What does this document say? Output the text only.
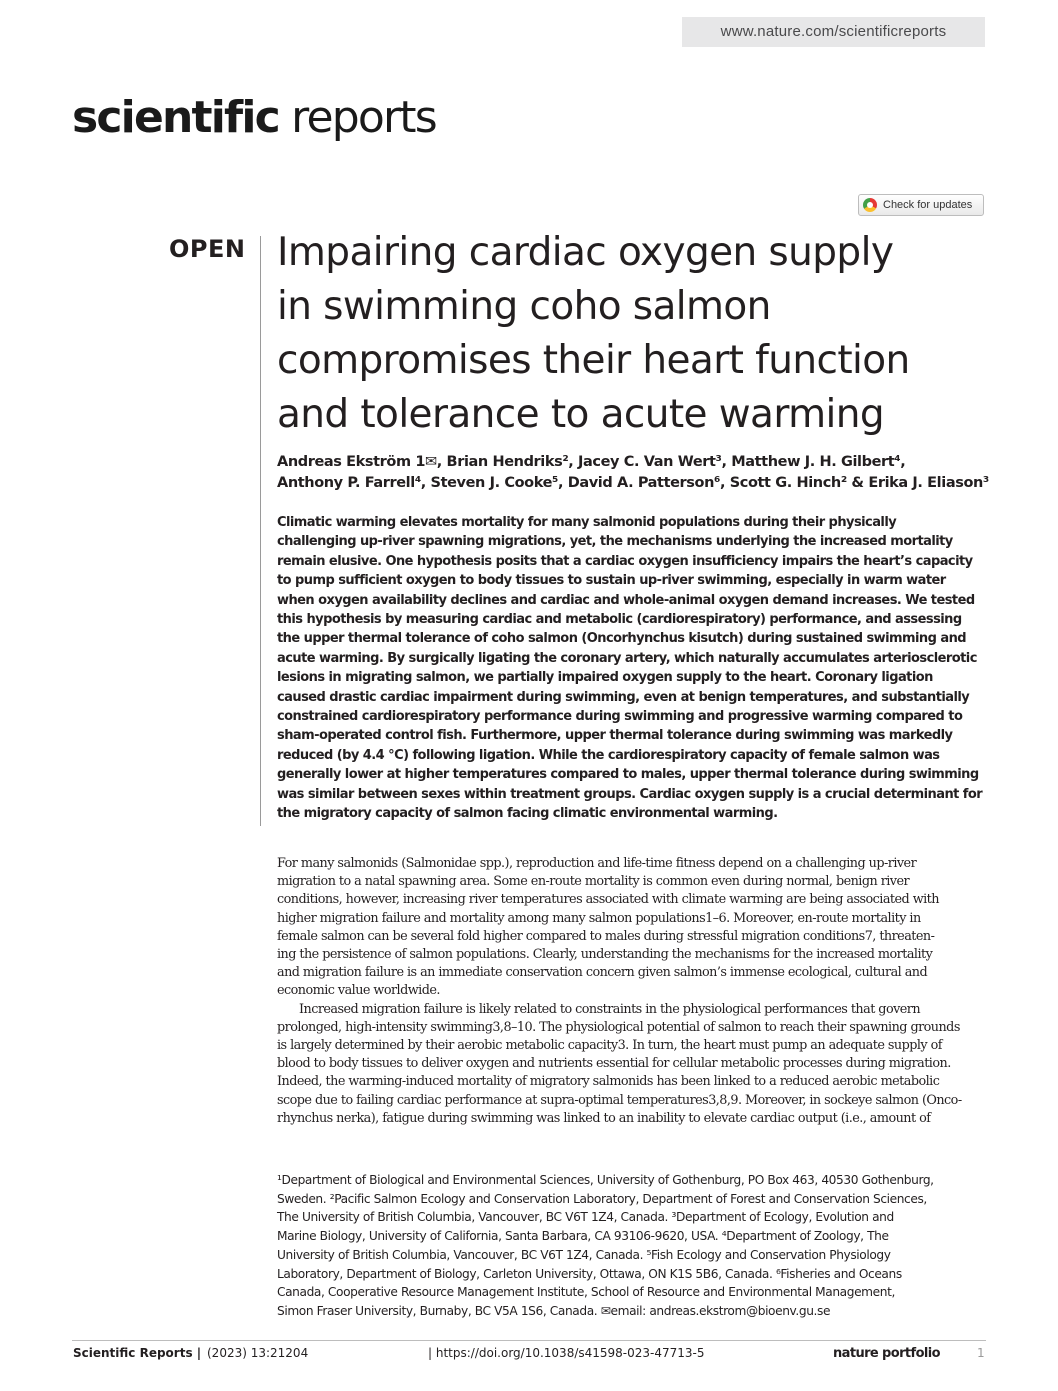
www.nature.com/scientificreports
scientific reports
Check for updates
OPEN Impairing cardiac oxygen supply
in swimming coho salmon
compromises their heart function
and tolerance to acute warming

Andreas Ekström 1✉, Brian Hendriks², Jacey C. Van Wert³, Matthew J. H. Gilbert⁴,
Anthony P. Farrell⁴, Steven J. Cooke⁵, David A. Patterson⁶, Scott G. Hinch² & Erika J. Eliason³

Climatic warming elevates mortality for many salmonid populations during their physically
challenging up-river spawning migrations, yet, the mechanisms underlying the increased mortality
remain elusive. One hypothesis posits that a cardiac oxygen insufficiency impairs the heart’s capacity
to pump sufficient oxygen to body tissues to sustain up-river swimming, especially in warm water
when oxygen availability declines and cardiac and whole-animal oxygen demand increases. We tested
this hypothesis by measuring cardiac and metabolic (cardiorespiratory) performance, and assessing
the upper thermal tolerance of coho salmon (Oncorhynchus kisutch) during sustained swimming and
acute warming. By surgically ligating the coronary artery, which naturally accumulates arteriosclerotic
lesions in migrating salmon, we partially impaired oxygen supply to the heart. Coronary ligation
caused drastic cardiac impairment during swimming, even at benign temperatures, and substantially
constrained cardiorespiratory performance during swimming and progressive warming compared to
sham-operated control fish. Furthermore, upper thermal tolerance during swimming was markedly
reduced (by 4.4 °C) following ligation. While the cardiorespiratory capacity of female salmon was
generally lower at higher temperatures compared to males, upper thermal tolerance during swimming
was similar between sexes within treatment groups. Cardiac oxygen supply is a crucial determinant for
the migratory capacity of salmon facing climatic environmental warming.
For many salmonids (Salmonidae spp.), reproduction and life-time fitness depend on a challenging up-river
migration to a natal spawning area. Some en-route mortality is common even during normal, benign river
conditions, however, increasing river temperatures associated with climate warming are being associated with
higher migration failure and mortality among many salmon populations1–6. Moreover, en-route mortality in
female salmon can be several fold higher compared to males during stressful migration conditions7, threaten-
ing the persistence of salmon populations. Clearly, understanding the mechanisms for the increased mortality
and migration failure is an immediate conservation concern given salmon’s immense ecological, cultural and
economic value worldwide.
Increased migration failure is likely related to constraints in the physiological performances that govern
prolonged, high-intensity swimming3,8–10. The physiological potential of salmon to reach their spawning grounds
is largely determined by their aerobic metabolic capacity3. In turn, the heart must pump an adequate supply of
blood to body tissues to deliver oxygen and nutrients essential for cellular metabolic processes during migration.
Indeed, the warming-induced mortality of migratory salmonids has been linked to a reduced aerobic metabolic
scope due to failing cardiac performance at supra-optimal temperatures3,8,9. Moreover, in sockeye salmon (Onco-
rhynchus nerka), fatigue during swimming was linked to an inability to elevate cardiac output (i.e., amount of
¹Department of Biological and Environmental Sciences, University of Gothenburg, PO Box 463, 40530 Gothenburg,
Sweden. ²Pacific Salmon Ecology and Conservation Laboratory, Department of Forest and Conservation Sciences,
The University of British Columbia, Vancouver, BC V6T 1Z4, Canada. ³Department of Ecology, Evolution and
Marine Biology, University of California, Santa Barbara, CA 93106-9620, USA. ⁴Department of Zoology, The
University of British Columbia, Vancouver, BC V6T 1Z4, Canada. ⁵Fish Ecology and Conservation Physiology
Laboratory, Department of Biology, Carleton University, Ottawa, ON K1S 5B6, Canada. ⁶Fisheries and Oceans
Canada, Cooperative Resource Management Institute, School of Resource and Environmental Management,
Simon Fraser University, Burnaby, BC V5A 1S6, Canada. ✉email: andreas.ekstrom@bioenv.gu.se
Scientific Reports | (2023) 13:21204	| https://doi.org/10.1038/s41598-023-47713-5	nature portfolio	1
